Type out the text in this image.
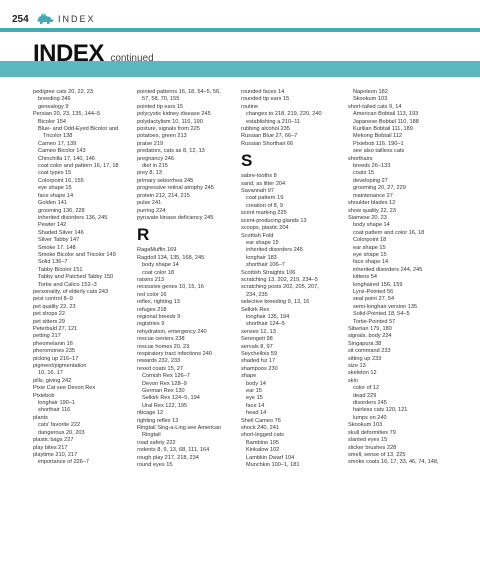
254	INDEX
INDEX continued
pedigree cats 20, 22, 23
breeding 246
genealogy 9
Persian 20, 23, 135, 144–5
Bicolor 154
Blue- and Odd-Eyed Bicolor and
Tricolor 138
Cameo 17, 139
Cameo Bicolor 143
Chinchilla 17, 140, 146
coat color and pattern 16, 17, 18
coat types 15
Colorpoint 16, 155
eye shape 15
face shape 14
Golden 141
grooming 136, 228
inherited disorders 136, 245
Pewter 142
Shaded Silver 146
Silver Tabby 147
Smoke 17, 148
Smoke Bicolor and Tricolor 149
Solid 136–7
Tabby Bicolor 151
Tabby and Patched Tabby 150
Tortie and Calico 152–3
personality, of elderly cats 243
pest control 8–9
pet quality 22, 23
pet shops 22
pet sitters 29
Peterbald 27, 121
petting 217
pheomelanin 16
pheromones 235
picking up 216–17
pigment/pigmentation
10, 16, 17
pills, giving 242
Pixie Cat see Devon Rex
Pixiebob
longhair 190–1
shorthair 116
plants
cats' favorite 222
dangerous 20, 203
plastic bags 227
play bites 217
playtime 210, 217
importance of 226–7
pointed patterns 16, 18, 54–5, 56,
57, 58, 70, 155
pointed tip ears 15
polycystic kidney disease 245
polydactylism 10, 116, 190
posture, signals from 225
potatoes, green 213
praise 219
predators, cats as 8, 12, 13
pregnancy 246
diet in 215
prey 8, 13
primary seborrhea 245
progressive retinal atrophy 245
protein 212, 214, 215
pulse 241
purring 224
pyruvate kinase deficiency 245
R
RagaMuffin 169
Ragdoll 134, 135, 168, 245
body shape 14
coat color 18
raisins 213
recessive genes 10, 15, 16
red color 16
reflex, righting 13
refuges 218
regional breeds 9
registries 9
rehydration, emergency 240
rescue centers 238
rescue homes 20, 23
respiratory tract infections 240
rewards 232, 233
rexed coats 15, 27
Cornish Rex 126–7
Devon Rex 128–9
German Rex 130
Selkirk Rex 124–5, 194
Ural Rex 122, 195
ribcage 12
righting reflex 13
Ringtail Sing-a-Ling see American
Ringtail
road safety 222
rodents 8, 9, 13, 68, 111, 164
rough play 217, 218, 234
round eyes 15
rounded faces 14
rounded tip ears 15
routine
changes to 218, 219, 220, 240
establishing a 210–11
rubbing alcohol 235
Russian Blue 27, 66–7
Russian Shorthair 66
S
sabre-tooths 8
sand, as litter 204
Savannah 97
coat pattern 19
creation of 8, 9
scent marking 225
scent-producing glands 13
scoops, plastic 204
Scottish Fold
ear shape 15
inherited disorders 245
longhair 183
shorthair 106–7
Scottish Straights 106
scratching 13, 202, 219, 234–5
scratching posts 202, 205, 207,
234, 235
selective breeding 9, 13, 16
Selkirk Rex
longhair 135, 194
shorthair 124–5
senses 12, 13
Serengeti 98
servals 8, 97
Seychellois 59
shaded fur 17
shampoos 230
shape
body 14
ear 15
eye 15
face 14
head 14
Shell Cameo 76
shock 240, 241
short-legged cats
Bambino 105
Kinkalow 102
Lambkin Dwarf 104
Munchkin 100–1, 181
Napoleon 182
Skookum 103
short-tailed cats 9, 14
American Bobtail 113, 193
Japanese Bobtail 110, 188
Kurilian Bobtail 111, 189
Mekong Bobtail 112
Pixiebob 116, 190–1
see also tailless cats
shorthairs
breeds 26–133
coats 15
developing 27
grooming 20, 27, 229
maintenance 27
shoulder blades 12
show quality 22, 23
Siamese 20, 23
body shape 14
coat pattern and color 16, 18
Colorpoint 18
ear shape 15
eye shape 15
face shape 14
inherited disorders 244, 245
kittens 54
longhaired 156, 159
Lynx-Pointed 56
seal point 27, 54
semi-longhair version 135
Solid-Pointed 18, 54–5
Tortie-Pointed 57
Siberian 179, 180
signals, body 224
Singapura 38
sit command 233
sitting up 233
size 13
skeleton 12
skin
color of 12
dead 229
disorders 245
hairless cats 120, 121
lumps on 240
Skookum 103
skull deformities 79
slanted eyes 15
slicker brushes 228
smell, sense of 13, 225
smoke coats 16, 17, 33, 46, 74, 148,
